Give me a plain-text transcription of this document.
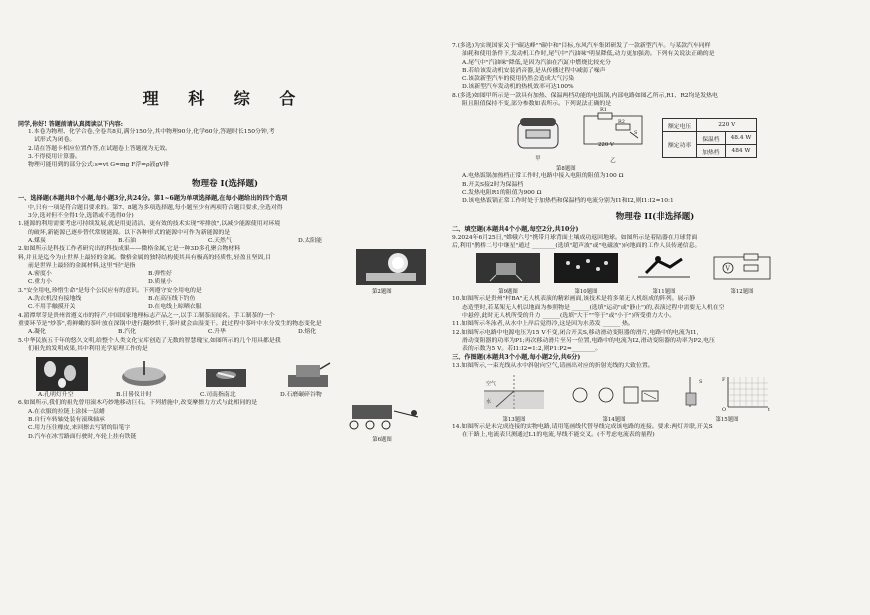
理 科 综 合

同学,你好! 答题前请认真阅读以下内容:

1.本卷为物理、化学合卷,全卷共8页,满分150分,其中物理90分,化学60分,答题时长150分钟,考

试形式为闭卷。

2.请在答题卡相应位置作答,在试题卷上答题视为无效。

3.不得使用计算器。

物理可能用到的部分公式:s=vt G=mg F浮=ρ液gV排

物理卷 I(选择题)

一、选择题(本题共8个小题,每小题3分,共24分。第1~6题为单项选择题,在每小题给出的四个选项

中,只有一项是符合题目要求的。第7、8题为多项选择题,每小题至少有两项符合题目要求,全选对得

3分,选对但不全得1分,选错或不选得0分)

1.能源的利用需要考虑可持续发展,就是用更清洁、更有效的技术实现"零排放",以减少能源使用对环境

的破坏,新能源已逐步替代常规能源。以下各种形式的能源中可作为新能源的是

A.煤炭	B.石油	C.天然气	D.太阳能

2.如图所示是科技工作者研究出的科技成果——微格金属,它是一种3D多孔聚合物材料

料,并且是迄今为止世界上最轻的金属。微格金属的独特结构使其具有极高的轻质性,轻盈且坚固,目

前是世界上最轻的金属材料,这里"轻"是指

A.密度小	B.弹性好
C.重力小	D.质量小
第2题图

3."安全用电,珍惜生命"是每个公民应有的意识。下列遵守安全用电的是

A.洗衣机没有接地线	B.在高压线下钓鱼
C.不用手触摸开关	D.在电线上晾晒衣服

4.湄潭翠芽是贵州省遵义市的特产,中国国家地理标志产品之一,以手工制茶而闻名。手工制茶的一个

重要环节是"炒茶",将鲜嫩的茶叶放在深锅中进行翻炒烘干,茶叶就会由湿变干。此过程中茶叶中水分发生的物态变化是

A.凝化	B.汽化	C.升华	D.熔化

5.中华民族五千年的悠久文明,给整个人类文化宝库创造了无数的智慧瑰宝,如图所示的几个用具都是我

们祖先的发明成果,其中利用光学原理工作的是

A.孔明灯升空	B.日晷仪计时	C.司南指南北	D.石磨碾碎谷物

6.如图所示,我们的祖先曾用滚木巧妙地移动巨石。下列措施中,改变摩擦力方式与此相同的是

A.在衣服的拉链上涂抹一层蜡

B.自行车转轴处装有滚珠轴承

C.用力压住橡皮,来回擦去写错的铅笔字

D.汽车在冰雪路面行驶时,车轮上挂有铁链

第6题图

7.(多选)为实现国家关于"碳达峰""碳中和"目标,东风汽车集团研发了一款新型汽车。与某款汽车同样

油耗和使用条件下,发动机工作时,尾气中"汽油味"明显降低,动力更加强劲。下列有关说法正确的是

A.尾气中"汽油味"降低,是因为汽油在汽缸中燃烧比较充分

B.若给该发动机安装消音器,是从传播过程中减弱了噪声

C.该款新型汽车的使用仍然会造成大气污染

D.该新型汽车发动机的热机效率可达100%

8.(多选)如图甲所示是一款具有加热、保温两档功能的电饭锅,内部电路如图乙所示,R1、R2均是发热电

阻且阻值保持不变,部分参数如表所示。下列说法正确的是

甲
R1
R2
S
220 V
乙
额定电压	220 V	
额定功率	保温档	48.4 W
	加热档	484 W

第8题图

A.电热饭锅加热档正常工作时,电路中接入电阻的阻值为100 Ω

B.开关S接2时为保温档

C.发热电阻R1的阻值为900 Ω

D.该电热饭锅正常工作时处于加热档和保温档的电流分别为I1和I2,则I1:I2=10:1

物理卷 II(非选择题)

二、填空题(本题共4个小题,每空2分,共10分)

9.2024年6月25日,"嫦娥六号"携带月球背面土壤成功返回地球。如图所示是着陆器在月球背面

后,利用"鹊桥二号中继星"通过 ________(选填"超声波"或"电磁波")向地面的工作人员传递信息。

第9题图	第10题图	第11题图
V
第12题图

10.如图所示是贵州"村BA"无人机表演的精彩画面,该技术是将多架无人机组成的阵列。展示静

态造型时,若某架无人机以地面为参照物是 ______(选填"运动"或"静止")的,表演过程中需要无人机在空

中悬停,此时无人机所受的升力 ______(选填"大于""等于"或"小于")所受重力大小。

11.如图所示冬泳者,从水中上岸后觉得冷,这是因为水蒸发 ______ 热。

12.如图所示电路中电源电压为15 V不变,闭合开关S,移动滑动变阻器的滑片,电路中的电流为I1,

滑动变阻器的功率为P1;再次移动滑片至另一位置,电路中的电流为I2,滑动变阻器的功率为P2,电压

表的示数为5 V。若I1:I2=1:2,则P1:P2=________。

三、作图题(本题共3个小题,每小题2分,共6分)

13.如图所示,一束光线从水中斜射向空气,请画出对应的折射光线的大致位置。

空气
水
第13题图	第14题图
S	F
O	t
第15题图

14.如图所示是未完成连接的实物电路,请用笔画线代替导线完成该电路的连接。要求:两灯并联,开关S

在干路上,电流表只测通过L1的电流,导线不能交叉。(不考虑电流表的量程)
